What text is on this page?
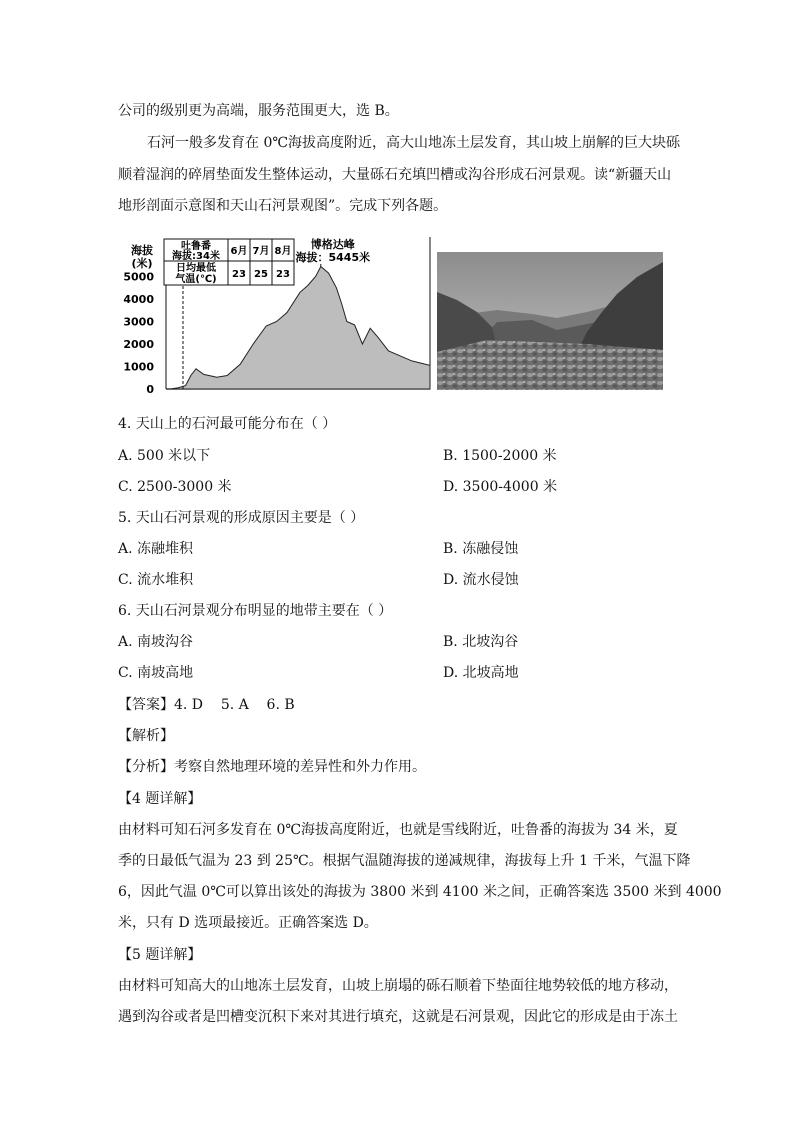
公司的级别更为高端，服务范围更大，选 B。
石河一般多发育在 0℃海拔高度附近，高大山地冻土层发育，其山坡上崩解的巨大块砾
顺着湿润的碎屑垫面发生整体运动，大量砾石充填凹槽或沟谷形成石河景观。读“新疆天山
地形剖面示意图和天山石河景观图”。完成下列各题。
海拔
(米)
0
1000
2000
3000
4000
5000
吐鲁番
海拔:34米 6月 7月 8月
日均最低
气温(℃) 23 25 23
博格达峰
海拔：5445米
4. 天山上的石河最可能分布在（ ）
A. 500 米以下	B. 1500-2000 米
C. 2500-3000 米	D. 3500-4000 米
5. 天山石河景观的形成原因主要是（ ）
A. 冻融堆积	B. 冻融侵蚀
C. 流水堆积	D. 流水侵蚀
6. 天山石河景观分布明显的地带主要在（ ）
A. 南坡沟谷	B. 北坡沟谷
C. 南坡高地	D. 北坡高地
【答案】4. D    5. A    6. B
【解析】
【分析】考察自然地理环境的差异性和外力作用。
【4 题详解】
由材料可知石河多发育在 0℃海拔高度附近，也就是雪线附近，吐鲁番的海拔为 34 米，夏
季的日最低气温为 23 到 25℃。根据气温随海拔的递减规律，海拔每上升 1 千米，气温下降
6，因此气温 0℃可以算出该处的海拔为 3800 米到 4100 米之间，正确答案选 3500 米到 4000
米，只有 D 选项最接近。正确答案选 D。
【5 题详解】
由材料可知高大的山地冻土层发育，山坡上崩塌的砾石顺着下垫面往地势较低的地方移动，
遇到沟谷或者是凹槽变沉积下来对其进行填充，这就是石河景观，因此它的形成是由于冻土
